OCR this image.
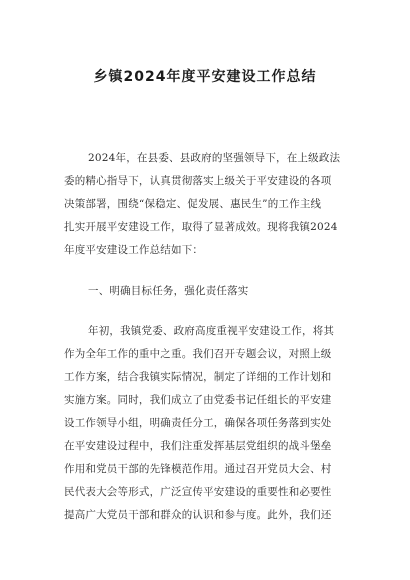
乡镇2024年度平安建设工作总结
2024年，在县委、县政府的坚强领导下，在上级政法
委的精心指导下，认真贯彻落实上级关于平安建设的各项
决策部署，围绕“保稳定、促发展、惠民生”的工作主线
扎实开展平安建设工作，取得了显著成效。现将我镇2024
年度平安建设工作总结如下：
一、明确目标任务，强化责任落实
年初，我镇党委、政府高度重视平安建设工作，将其
作为全年工作的重中之重。我们召开专题会议，对照上级
工作方案，结合我镇实际情况，制定了详细的工作计划和
实施方案。同时，我们成立了由党委书记任组长的平安建
设工作领导小组，明确责任分工，确保各项任务落到实处
在平安建设过程中，我们注重发挥基层党组织的战斗堡垒
作用和党员干部的先锋模范作用。通过召开党员大会、村
民代表大会等形式，广泛宣传平安建设的重要性和必要性
提高广大党员干部和群众的认识和参与度。此外，我们还
